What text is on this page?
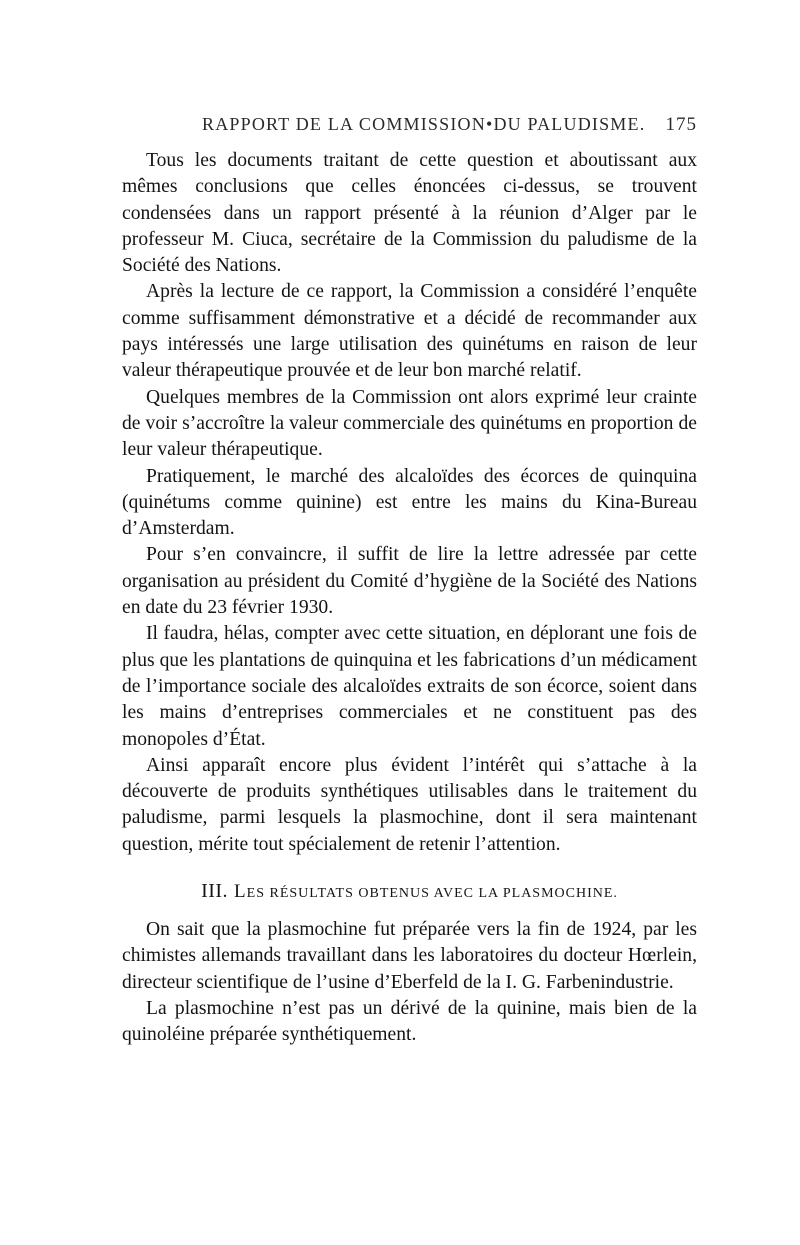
RAPPORT DE LA COMMISSION•DU PALUDISME. 175

Tous les documents traitant de cette question et aboutissant aux mêmes conclusions que celles énoncées ci-dessus, se trouvent condensées dans un rapport présenté à la réunion d’Alger par le professeur M. Ciuca, secrétaire de la Commission du paludisme de la Société des Nations.

Après la lecture de ce rapport, la Commission a considéré l’enquête comme suffisamment démonstrative et a décidé de recommander aux pays intéressés une large utilisation des quinétums en raison de leur valeur thérapeutique prouvée et de leur bon marché relatif.

Quelques membres de la Commission ont alors exprimé leur crainte de voir s’accroître la valeur commerciale des quinétums en proportion de leur valeur thérapeutique.

Pratiquement, le marché des alcaloïdes des écorces de quinquina (quinétums comme quinine) est entre les mains du Kina-Bureau d’Amsterdam.

Pour s’en convaincre, il suffit de lire la lettre adressée par cette organisation au président du Comité d’hygiène de la Société des Nations en date du 23 février 1930.

Il faudra, hélas, compter avec cette situation, en déplorant une fois de plus que les plantations de quinquina et les fabrications d’un médicament de l’importance sociale des alcaloïdes extraits de son écorce, soient dans les mains d’entreprises commerciales et ne constituent pas des monopoles d’État.

Ainsi apparaît encore plus évident l’intérêt qui s’attache à la découverte de produits synthétiques utilisables dans le traitement du paludisme, parmi lesquels la plasmochine, dont il sera maintenant question, mérite tout spécialement de retenir l’attention.

III. LES RÉSULTATS OBTENUS AVEC LA PLASMOCHINE.

On sait que la plasmochine fut préparée vers la fin de 1924, par les chimistes allemands travaillant dans les laboratoires du docteur Hœrlein, directeur scientifique de l’usine d’Eberfeld de la I. G. Farbenindustrie.

La plasmochine n’est pas un dérivé de la quinine, mais bien de la quinoléine préparée synthétiquement.
